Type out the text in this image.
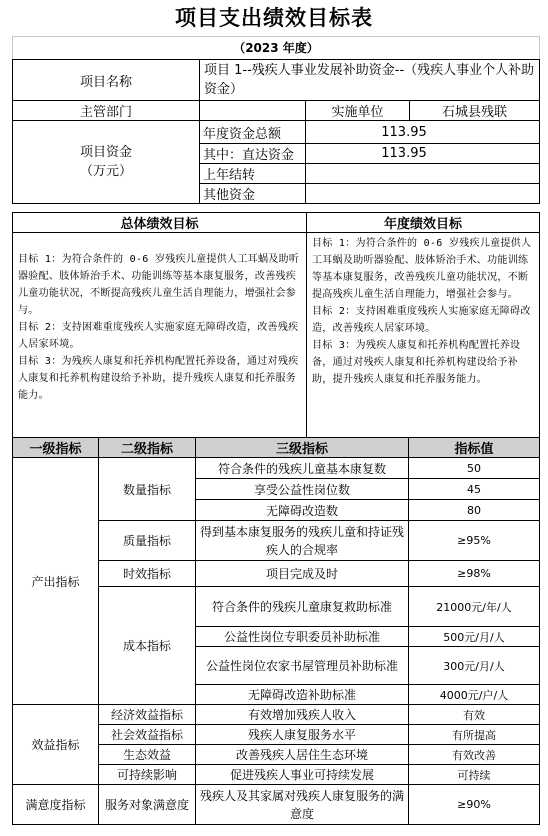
项目支出绩效目标表
（2023 年度）
项目名称	项目 1--残疾人事业发展补助资金--（残疾人事业个人补助资金）		
主管部门		实施单位	石城县残联
项目资金
（万元）	年度资金总额	113.95	
	其中：直达资金	113.95	
	上年结转		
	其他资金		
总体绩效目标	年度绩效目标

目标 1：为符合条件的 0-6 岁残疾儿童提供人工耳蜗及助听器验配、肢体矫治手术、功能训练等基本康复服务，改善残疾儿童功能状况，不断提高残疾儿童生活自理能力，增强社会参与。
目标 2：支持困难重度残疾人实施家庭无障碍改造，改善残疾人居家环境。
目标 3：为残疾人康复和托养机构配置托养设备，通过对残疾人康复和托养机构建设给予补助，提升残疾人康复和托养服务能力。	目标 1：为符合条件的 0-6 岁残疾儿童提供人工耳蜗及助听器验配、肢体矫治手术、功能训练等基本康复服务，改善残疾儿童功能状况，不断提高残疾儿童生活自理能力，增强社会参与。
目标 2：支持困难重度残疾人实施家庭无障碍改造，改善残疾人居家环境。
目标 3：为残疾人康复和托养机构配置托养设备，通过对残疾人康复和托养机构建设给予补助，提升残疾人康复和托养服务能力。
一级指标	二级指标	三级指标	指标值
产出指标	数量指标	符合条件的残疾儿童基本康复数	50
		享受公益性岗位数	45
		无障碍改造数	80
	质量指标	得到基本康复服务的残疾儿童和持证残疾人的合规率	≥95%
	时效指标	项目完成及时	≥98%
	成本指标	符合条件的残疾儿童康复救助标准	21000元/年/人
		公益性岗位专职委员补助标准	500元/月/人
		公益性岗位农家书屋管理员补助标准	300元/月/人
		无障碍改造补助标准	4000元/户/人
效益指标	经济效益指标	有效增加残疾人收入	有效
	社会效益指标	残疾人康复服务水平	有所提高
	生态效益	改善残疾人居住生态环境	有效改善
	可持续影响	促进残疾人事业可持续发展	可持续
满意度指标	服务对象满意度	残疾人及其家属对残疾人康复服务的满意度	≥90%
